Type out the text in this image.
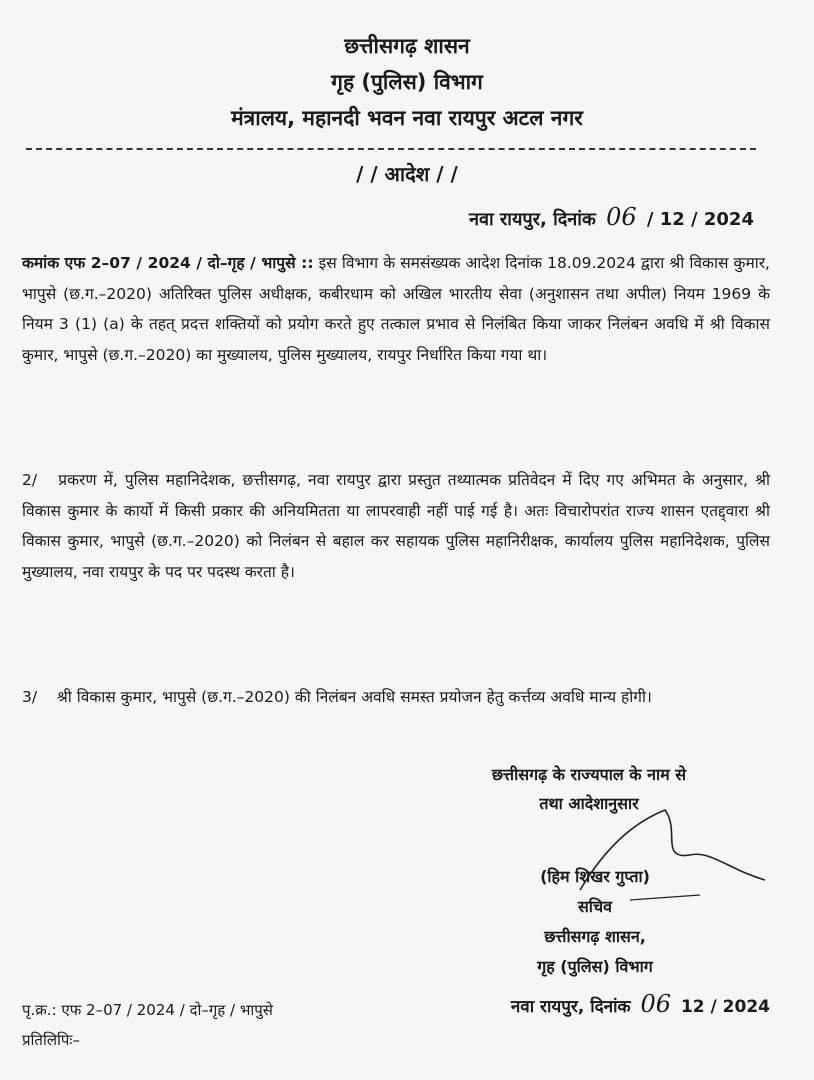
छत्तीसगढ़ शासन
गृह (पुलिस) विभाग
मंत्रालय, महानदी भवन नवा रायपुर अटल नगर
/ / आदेश / /
नवा रायपुर, दिनांक 06 / 12 / 2024
कमांक एफ 2–07 / 2024 / दो–गृह / भापुसे :: इस विभाग के समसंख्यक आदेश दिनांक 18.09.2024 द्वारा श्री विकास कुमार, भापुसे (छ.ग.–2020) अतिरिक्त पुलिस अधीक्षक, कबीरधाम को अखिल भारतीय सेवा (अनुशासन तथा अपील) नियम 1969 के नियम 3 (1) (a) के तहत् प्रदत्त शक्तियों को प्रयोग करते हुए तत्काल प्रभाव से निलंबित किया जाकर निलंबन अवधि में श्री विकास कुमार, भापुसे (छ.ग.–2020) का मुख्यालय, पुलिस मुख्यालय, रायपुर निर्धारित किया गया था।
2/ प्रकरण में, पुलिस महानिदेशक, छत्तीसगढ़, नवा रायपुर द्वारा प्रस्तुत तथ्यात्मक प्रतिवेदन में दिए गए अभिमत के अनुसार, श्री विकास कुमार के कार्यो में किसी प्रकार की अनियमितता या लापरवाही नहीं पाई गई है। अतः विचारोपरांत राज्य शासन एतद्द्वारा श्री विकास कुमार, भापुसे (छ.ग.–2020) को निलंबन से बहाल कर सहायक पुलिस महानिरीक्षक, कार्यालय पुलिस महानिदेशक, पुलिस मुख्यालय, नवा रायपुर के पद पर पदस्थ करता है।
3/ श्री विकास कुमार, भापुसे (छ.ग.–2020) की निलंबन अवधि समस्त प्रयोजन हेतु कर्त्तव्य अवधि मान्य होगी।
छत्तीसगढ़ के राज्यपाल के नाम से
तथा आदेशानुसार
(हिम शिखर गुप्ता)
सचिव
छत्तीसगढ़ शासन,
गृह (पुलिस) विभाग
पृ.क्र.: एफ 2–07 / 2024 / दो–गृह / भापुसे
प्रतिलिपिः–
नवा रायपुर, दिनांक 06 12 / 2024
